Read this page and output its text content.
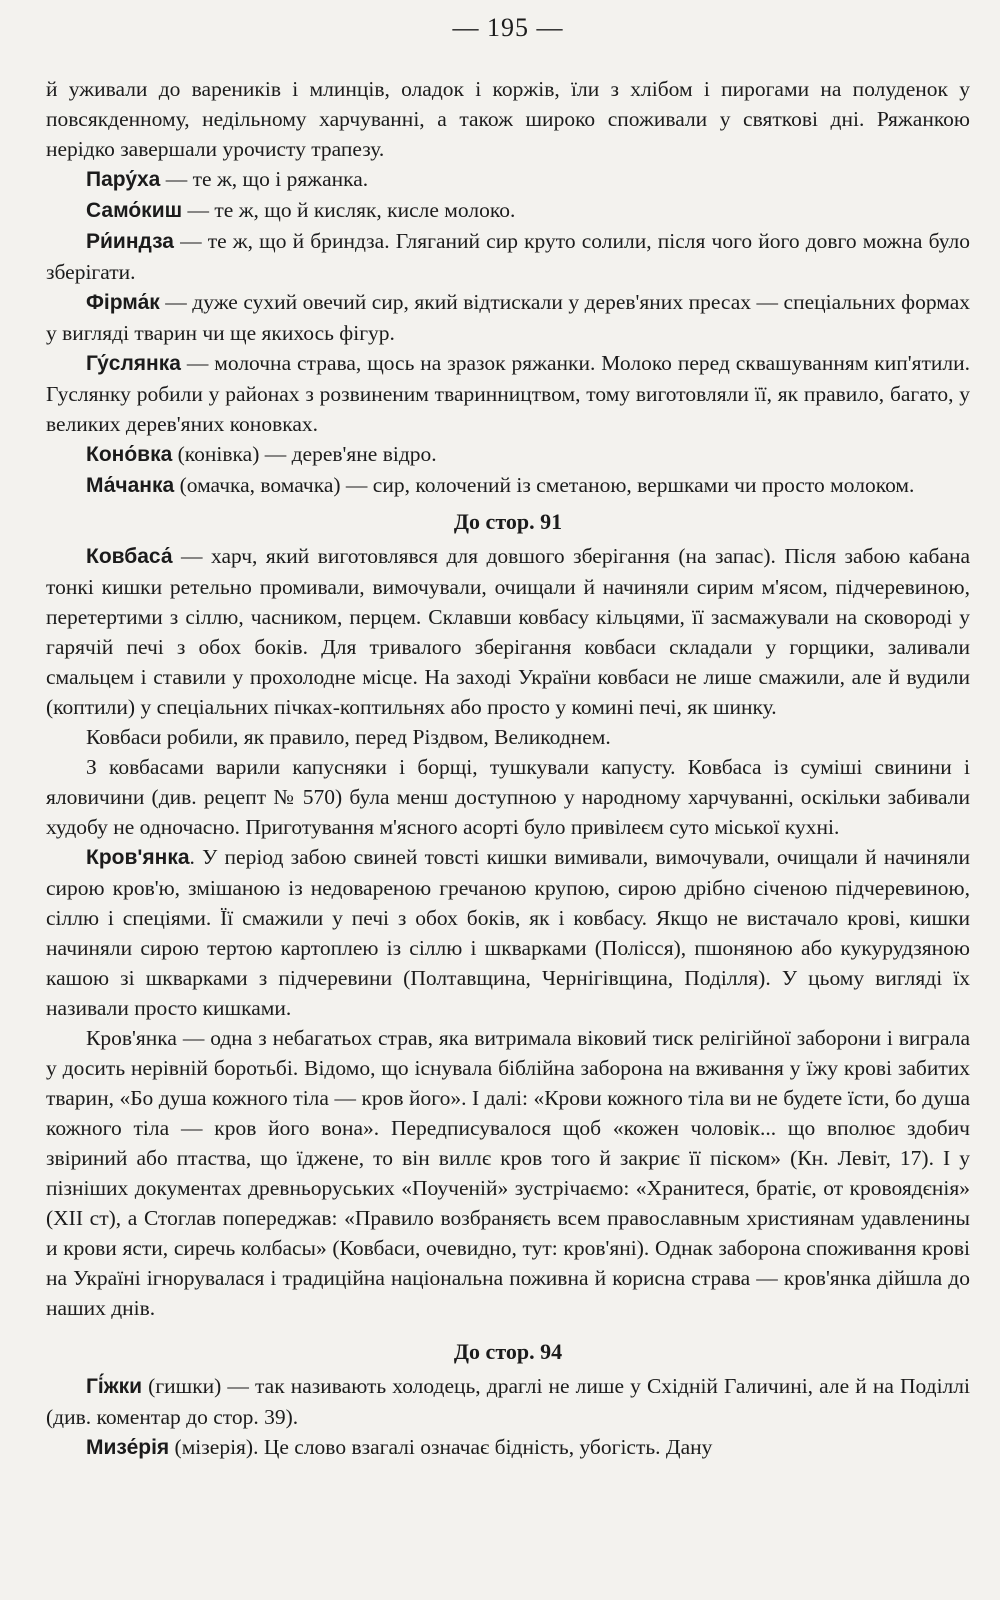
— 195 —

й уживали до вареників і млинців, оладок і коржів, їли з хлібом і пирогами на полуденок у повсякденному, недільному харчуванні, а також широко споживали у святкові дні. Ряжанкою нерідко завершали урочисту трапезу.

Пару́ха — те ж, що і ряжанка.

Само́киш — те ж, що й кисляк, кисле молоко.

Ри́индза — те ж, що й бриндза. Гляганий сир круто солили, після чого його довго можна було зберігати.

Фірма́к — дуже сухий овечий сир, який відтискали у дерев'яних пресах — спеціальних формах у вигляді тварин чи ще якихось фігур.

Гу́слянка — молочна страва, щось на зразок ряжанки. Молоко перед сквашуванням кип'ятили. Гуслянку робили у районах з розвиненим тваринництвом, тому виготовляли її, як правило, багато, у великих дерев'яних коновках.

Коно́вка (конівка) — дерев'яне відро.

Ма́чанка (омачка, вомачка) — сир, колочений із сметаною, вершками чи просто молоком.

До стор. 91

Ковбаса́ — харч, який виготовлявся для довшого зберігання (на запас). Після забою кабана тонкі кишки ретельно промивали, вимочували, очищали й начиняли сирим м'ясом, підчеревиною, перетертими з сіллю, часником, перцем. Склавши ковбасу кільцями, її засмажували на сковороді у гарячій печі з обох боків. Для тривалого зберігання ковбаси складали у горщики, заливали смальцем і ставили у прохолодне місце. На заході України ковбаси не лише смажили, але й вудили (коптили) у спеціальних пічках-коптильнях або просто у комині печі, як шинку.

Ковбаси робили, як правило, перед Різдвом, Великоднем.

З ковбасами варили капусняки і борщі, тушкували капусту. Ковбаса із суміші свинини і яловичини (див. рецепт № 570) була менш доступною у народному харчуванні, оскільки забивали худобу не одночасно. Приготування м'ясного асорті було привілеєм суто міської кухні.

Кров'янка. У період забою свиней товсті кишки вимивали, вимочували, очищали й начиняли сирою кров'ю, змішаною із недовареною гречаною крупою, сирою дрібно січеною підчеревиною, сіллю і спеціями. Її смажили у печі з обох боків, як і ковбасу. Якщо не вистачало крові, кишки начиняли сирою тертою картоплею із сіллю і шкварками (Полісся), пшоняною або кукурудзяною кашою зі шкварками з підчеревини (Полтавщина, Чернігівщина, Поділля). У цьому вигляді їх називали просто кишками.

Кров'янка — одна з небагатьох страв, яка витримала віковий тиск релігійної заборони і виграла у досить нерівній боротьбі. Відомо, що існувала біблійна заборона на вживання у їжу крові забитих тварин, «Бо душа кожного тіла — кров його». І далі: «Крови кожного тіла ви не будете їсти, бо душа кожного тіла — кров його вона». Передписувалося щоб «кожен чоловік... що вполює здобич звіриний або птаства, що їджене, то він виллє кров того й закриє її піском» (Кн. Левіт, 17). І у пізніших документах древньоруських «Поученій» зустрічаємо: «Хранитеся, братіє, от кровоядєнія» (XII ст), а Стоглав попереджав: «Правило возбраняєть всем православным християнам удавленины и крови ясти, сиречь колбасы» (Ковбаси, очевидно, тут: кров'яні). Однак заборона споживання крові на Україні ігнорувалася і традиційна національна поживна й корисна страва — кров'янка дійшла до наших днів.

До стор. 94

Гі́жки (гишки) — так називають холодець, драглі не лише у Східній Галичині, але й на Поділлі (див. коментар до стор. 39).

Мизе́рія (мізерія). Це слово взагалі означає бідність, убогість. Дану
